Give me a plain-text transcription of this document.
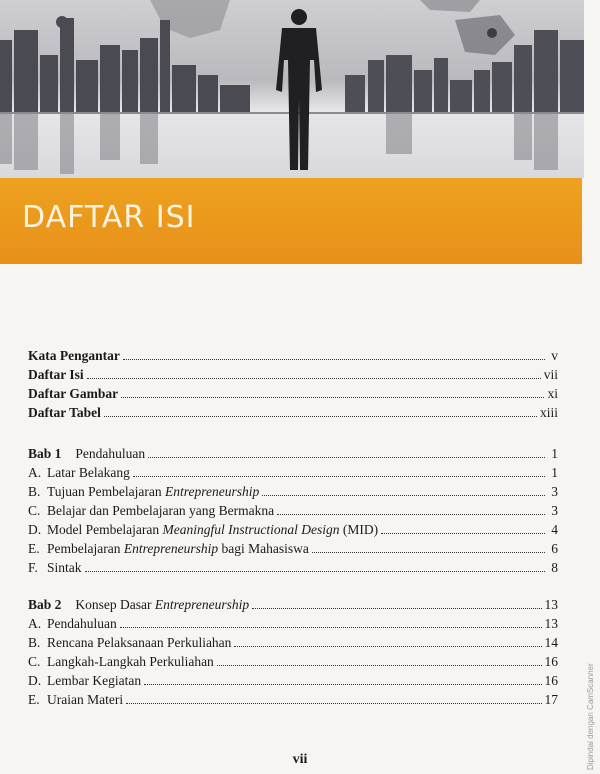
DAFTAR ISI
Kata Pengantar	v
Daftar Isi	vii
Daftar Gambar	xi
Daftar Tabel	xiii
Bab 1 Pendahuluan	1
A. Latar Belakang	1
B. Tujuan Pembelajaran Entrepreneurship	3
C. Belajar dan Pembelajaran yang Bermakna	3
D. Model Pembelajaran Meaningful Instructional Design (MID)	4
E. Pembelajaran Entrepreneurship bagi Mahasiswa	6
F. Sintak	8
Bab 2 Konsep Dasar Entrepreneurship	13
A. Pendahuluan	13
B. Rencana Pelaksanaan Perkuliahan	14
C. Langkah-Langkah Perkuliahan	16
D. Lembar Kegiatan	16
E. Uraian Materi	17
vii	Dipindai dengan CamScanner
